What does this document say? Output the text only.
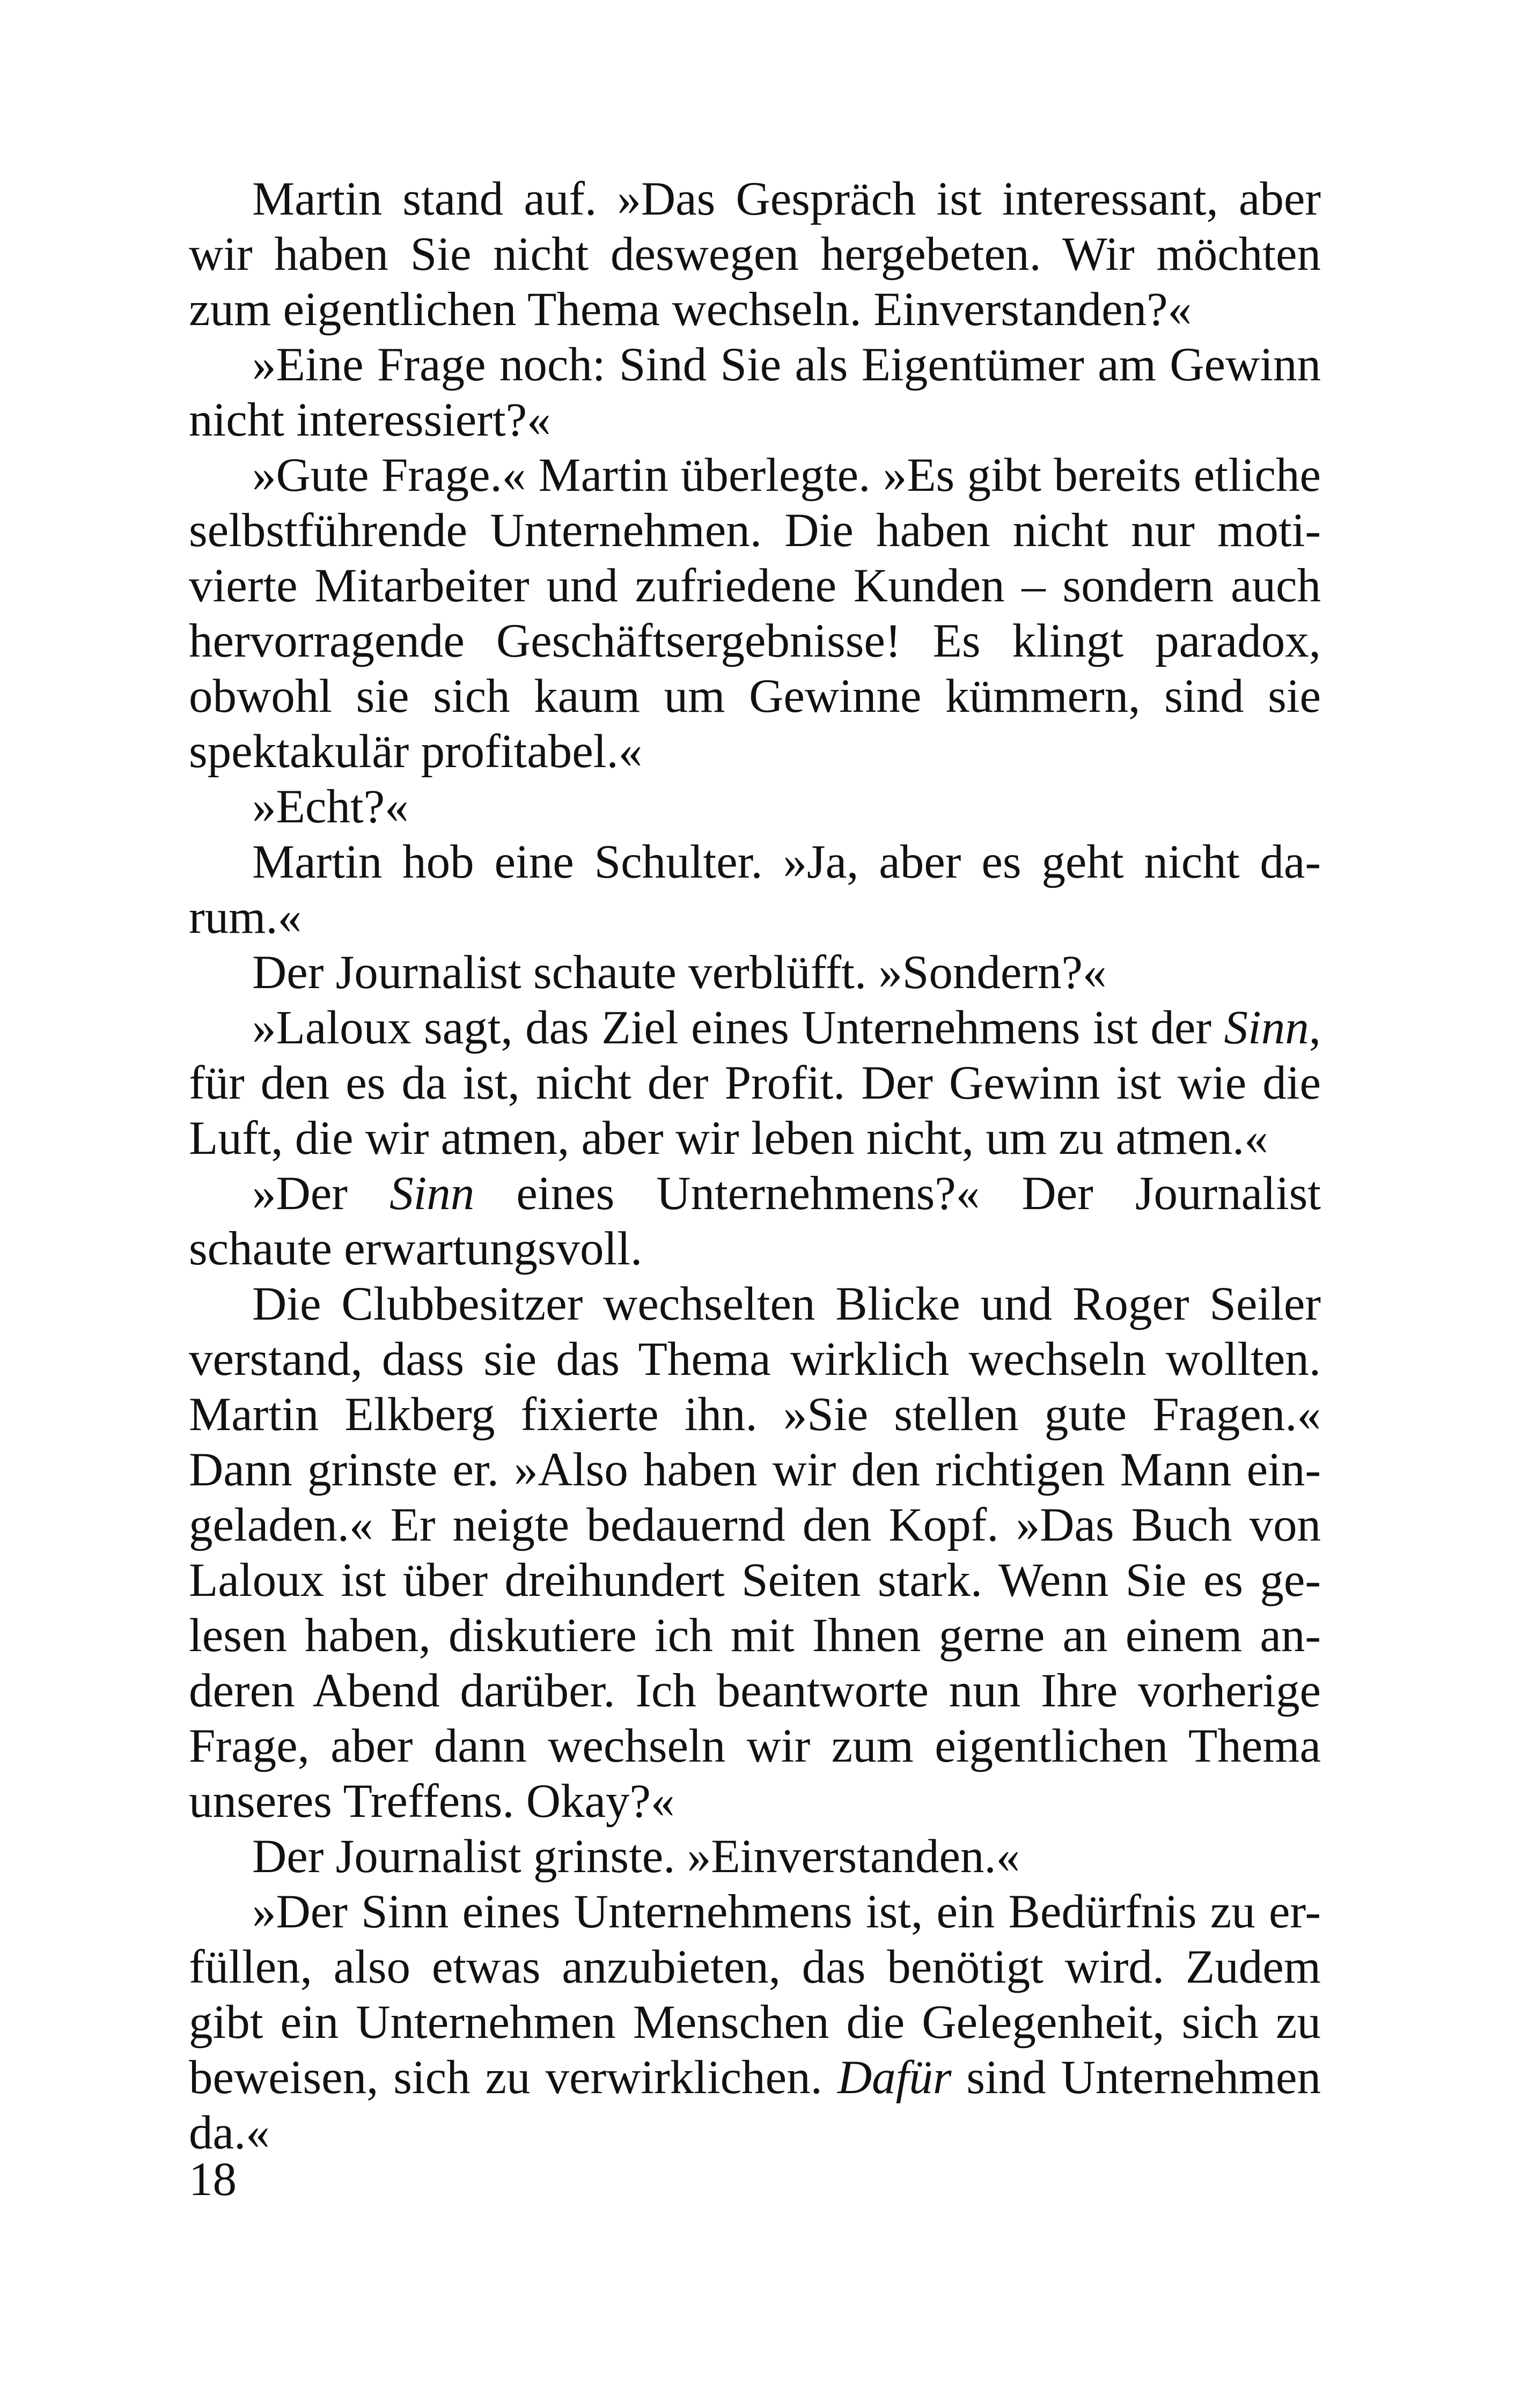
Martin stand auf. »Das Gespräch ist interessant, aber
wir haben Sie nicht deswegen hergebeten. Wir möchten
zum eigentlichen Thema wechseln. Einverstanden?«
»Eine Frage noch: Sind Sie als Eigentümer am Gewinn
nicht interessiert?«
»Gute Frage.« Martin überlegte. »Es gibt bereits etliche
selbstführende Unternehmen. Die haben nicht nur moti-
vierte Mitarbeiter und zufriedene Kunden – sondern auch
hervorragende Geschäftsergebnisse! Es klingt paradox,
obwohl sie sich kaum um Gewinne kümmern, sind sie
spektakulär profitabel.«
»Echt?«
Martin hob eine Schulter. »Ja, aber es geht nicht da-
rum.«
Der Journalist schaute verblüfft. »Sondern?«
»Laloux sagt, das Ziel eines Unternehmens ist der Sinn,
für den es da ist, nicht der Profit. Der Gewinn ist wie die
Luft, die wir atmen, aber wir leben nicht, um zu atmen.«
»Der Sinn eines Unternehmens?« Der Journalist
schaute erwartungsvoll.
Die Clubbesitzer wechselten Blicke und Roger Seiler
verstand, dass sie das Thema wirklich wechseln wollten.
Martin Elkberg fixierte ihn. »Sie stellen gute Fragen.«
Dann grinste er. »Also haben wir den richtigen Mann ein-
geladen.« Er neigte bedauernd den Kopf. »Das Buch von
Laloux ist über dreihundert Seiten stark. Wenn Sie es ge-
lesen haben, diskutiere ich mit Ihnen gerne an einem an-
deren Abend darüber. Ich beantworte nun Ihre vorherige
Frage, aber dann wechseln wir zum eigentlichen Thema
unseres Treffens. Okay?«
Der Journalist grinste. »Einverstanden.«
»Der Sinn eines Unternehmens ist, ein Bedürfnis zu er-
füllen, also etwas anzubieten, das benötigt wird. Zudem
gibt ein Unternehmen Menschen die Gelegenheit, sich zu
beweisen, sich zu verwirklichen. Dafür sind Unternehmen
da.«
18
